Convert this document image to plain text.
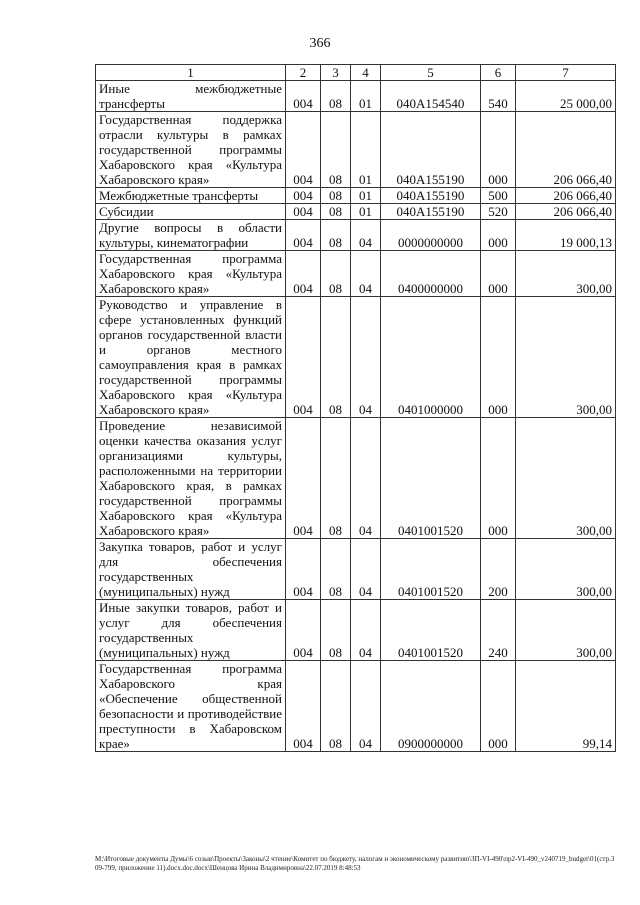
366
1	2	3	4	5	6	7
Иные межбюджетные трансферты	004	08	01	040A154540	540	25 000,00
Государственная поддержка отрасли культуры в рамках государственной программы Хабаровского края «Культура Хабаровского края»	004	08	01	040A155190	000	206 066,40
Межбюджетные трансферты	004	08	01	040A155190	500	206 066,40
Субсидии	004	08	01	040A155190	520	206 066,40
Другие вопросы в области культуры, кинематографии	004	08	04	0000000000	000	19 000,13
Государственная программа Хабаровского края «Культура Хабаровского края»	004	08	04	0400000000	000	300,00
Руководство и управление в сфере установленных функций органов государственной власти и органов местного самоуправления края в рамках государственной программы Хабаровского края «Культура Хабаровского края»	004	08	04	0401000000	000	300,00
Проведение независимой оценки качества оказания услуг организациями культуры, расположенными на территории Хабаровского края, в рамках государственной программы Хабаровского края «Культура Хабаровского края»	004	08	04	0401001520	000	300,00
Закупка товаров, работ и услуг для обеспечения государственных (муниципальных) нужд	004	08	04	0401001520	200	300,00
Иные закупки товаров, работ и услуг для обеспечения государственных (муниципальных) нужд	004	08	04	0401001520	240	300,00
Государственная программа Хабаровского края «Обеспечение общественной безопасности и противодействие преступности в Хабаровском крае»	004	08	04	0900000000	000	99,14
M:\Итоговые документы Думы\6 созыв\Проекты\Законы\2 чтение\Комитет по бюджету, налогам и экономическому развитию\ЗП-VI-490\пр2-VI-490_v240719_budget\01(стр.309-799, приложение 11).docx.doc.docx\Шенцова Ирина Владимировна\22.07.2019 8:48:53
